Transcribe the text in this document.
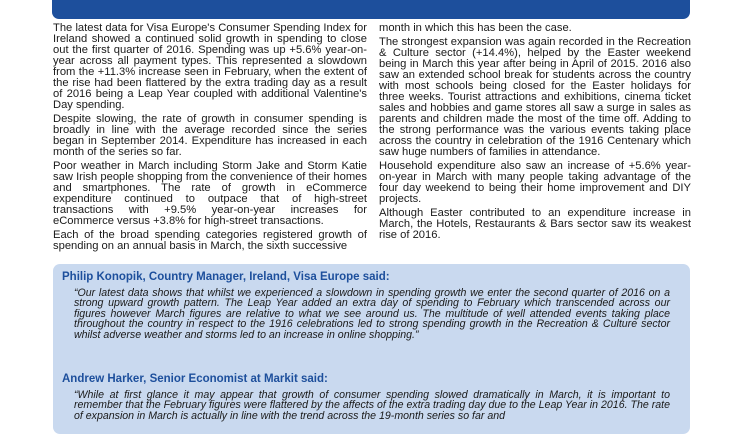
The latest data for Visa Europe's Consumer Spending Index for Ireland showed a continued solid growth in spending to close out the first quarter of 2016. Spending was up +5.6% year-on-year across all payment types. This represented a slowdown from the +11.3% increase seen in February, when the extent of the rise had been flattered by the extra trading day as a result of 2016 being a Leap Year coupled with additional Valentine's Day spending.

Despite slowing, the rate of growth in consumer spending is broadly in line with the average recorded since the series began in September 2014. Expenditure has increased in each month of the series so far.

Poor weather in March including Storm Jake and Storm Katie saw Irish people shopping from the convenience of their homes and smartphones. The rate of growth in eCommerce expenditure continued to outpace that of high-street transactions with +9.5% year-on-year increases for eCommerce versus +3.8% for high-street transactions.

Each of the broad spending categories registered growth of spending on an annual basis in March, the sixth successive

month in which this has been the case.

The strongest expansion was again recorded in the Recreation & Culture sector (+14.4%), helped by the Easter weekend being in March this year after being in April of 2015. 2016 also saw an extended school break for students across the country with most schools being closed for the Easter holidays for three weeks. Tourist attractions and exhibitions, cinema ticket sales and hobbies and game stores all saw a surge in sales as parents and children made the most of the time off. Adding to the strong performance was the various events taking place across the country in celebration of the 1916 Centenary which saw huge numbers of families in attendance.

Household expenditure also saw an increase of +5.6% year-on-year in March with many people taking advantage of the four day weekend to being their home improvement and DIY projects.

Although Easter contributed to an expenditure increase in March, the Hotels, Restaurants & Bars sector saw its weakest rise of 2016.

Philip Konopik, Country Manager, Ireland, Visa Europe said:
“Our latest data shows that whilst we experienced a slowdown in spending growth we enter the second quarter of 2016 on a strong upward growth pattern. The Leap Year added an extra day of spending to February which transcended across our figures however March figures are relative to what we see around us. The multitude of well attended events taking place throughout the country in respect to the 1916 celebrations led to strong spending growth in the Recreation & Culture sector whilst adverse weather and storms led to an increase in online shopping.”
Andrew Harker, Senior Economist at Markit said:
“While at first glance it may appear that growth of consumer spending slowed dramatically in March, it is important to remember that the February figures were flattered by the affects of the extra trading day due to the Leap Year in 2016. The rate of expansion in March is actually in line with the trend across the 19-month series so far and
